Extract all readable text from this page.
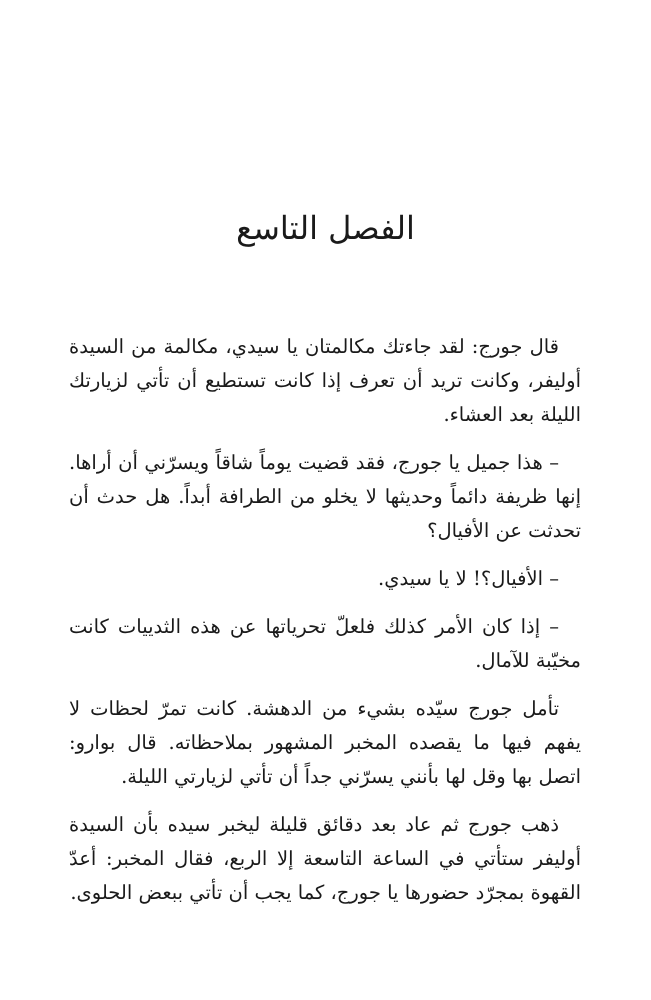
الفصل التاسع

قال جورج: لقد جاءتك مكالمتان يا سيدي، مكالمة من السيدة أوليفر، وكانت تريد أن تعرف إذا كانت تستطيع أن تأتي لزيارتك الليلة بعد العشاء.

– هذا جميل يا جورج، فقد قضيت يوماً شاقاً ويسرّني أن أراها. إنها ظريفة دائماً وحديثها لا يخلو من الطرافة أبداً. هل حدث أن تحدثت عن الأفيال؟

– الأفيال؟! لا يا سيدي.

– إذا كان الأمر كذلك فلعلّ تحرياتها عن هذه الثدييات كانت مخيّبة للآمال.

تأمل جورج سيّده بشيء من الدهشة. كانت تمرّ لحظات لا يفهم فيها ما يقصده المخبر المشهور بملاحظاته. قال بوارو: اتصل بها وقل لها بأنني يسرّني جداً أن تأتي لزيارتي الليلة.

ذهب جورج ثم عاد بعد دقائق قليلة ليخبر سيده بأن السيدة أوليفر ستأتي في الساعة التاسعة إلا الربع، فقال المخبر: أعدّ القهوة بمجرّد حضورها يا جورج، كما يجب أن تأتي ببعض الحلوى.
